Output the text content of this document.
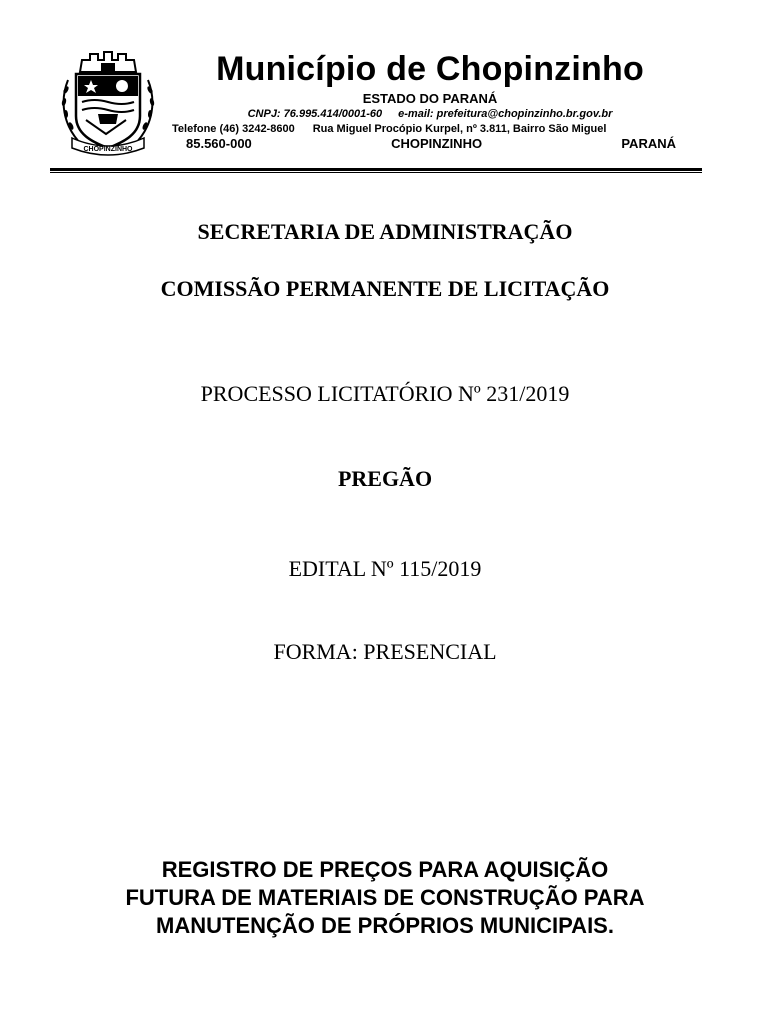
CHOPINZINHO
Município de Chopinzinho
ESTADO DO PARANÁ
CNPJ: 76.995.414/0001-60 e-mail: prefeitura@chopinzinho.br.gov.br
Telefone (46) 3242-8600 Rua Miguel Procópio Kurpel, nº 3.811, Bairro São Miguel
85.560-000	CHOPINZINHO	PARANÁ
SECRETARIA DE ADMINISTRAÇÃO
COMISSÃO PERMANENTE DE LICITAÇÃO
PROCESSO LICITATÓRIO Nº 231/2019
PREGÃO
EDITAL Nº 115/2019
FORMA: PRESENCIAL
REGISTRO DE PREÇOS PARA AQUISIÇÃO
FUTURA DE MATERIAIS DE CONSTRUÇÃO PARA
MANUTENÇÃO DE PRÓPRIOS MUNICIPAIS.
